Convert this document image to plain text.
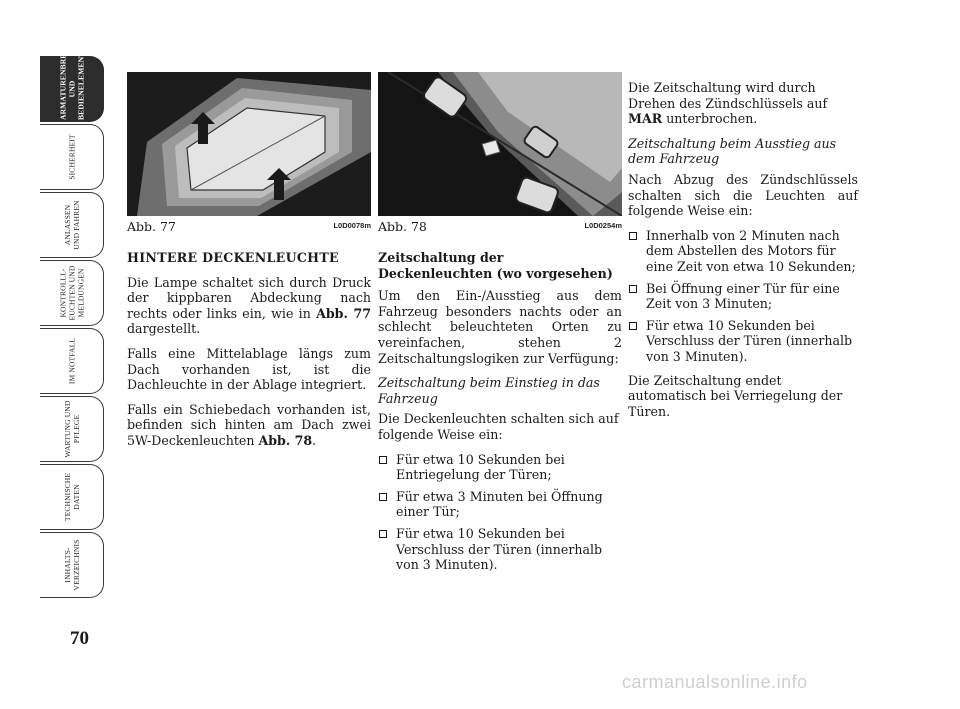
ARMATURENBRETT
UND
BEDIENELEMENTE
SICHERHEIT
ANLASSEN
UND FAHREN
KONTROLLL-
EUCHTEN UND
MELDUNGEN
IM NOTFALL
WARTUNG UND
PFLEGE
TECHNISCHE
DATEN
INHALTS-
VERZEICHNIS
70
Abb. 77	L0D0078m Abb. 78	L0D0254m

HINTERE DECKENLEUCHTE

Die Lampe schaltet sich durch Druck der kippbaren Abdeckung nach rechts oder links ein, wie in Abb. 77 dargestellt.

Falls eine Mittelablage längs zum Dach vorhanden ist, ist die Dachleuchte in der Ablage integriert.

Falls ein Schiebedach vorhanden ist, befinden sich hinten am Dach zwei 5W-Deckenleuchten Abb. 78.

Zeitschaltung der Deckenleuchten (wo vorgesehen)

Um den Ein-/Ausstieg aus dem Fahrzeug besonders nachts oder an schlecht beleuchteten Orten zu vereinfachen, stehen 2 Zeitschaltungslogiken zur Verfügung:

Zeitschaltung beim Einstieg in das Fahrzeug

Die Deckenleuchten schalten sich auf folgende Weise ein:

Für etwa 10 Sekunden bei Entriegelung der Türen;
Für etwa 3 Minuten bei Öffnung einer Tür;
Für etwa 10 Sekunden bei Verschluss der Türen (innerhalb von 3 Minuten).

Die Zeitschaltung wird durch Drehen des Zündschlüssels auf MAR unterbrochen.

Zeitschaltung beim Ausstieg aus dem Fahrzeug

Nach Abzug des Zündschlüssels schalten sich die Leuchten auf folgende Weise ein:

Innerhalb von 2 Minuten nach dem Abstellen des Motors für eine Zeit von etwa 10 Sekunden;
Bei Öffnung einer Tür für eine Zeit von 3 Minuten;
Für etwa 10 Sekunden bei Verschluss der Türen (innerhalb von 3 Minuten).

Die Zeitschaltung endet automatisch bei Verriegelung der Türen.

carmanualsonline.info
